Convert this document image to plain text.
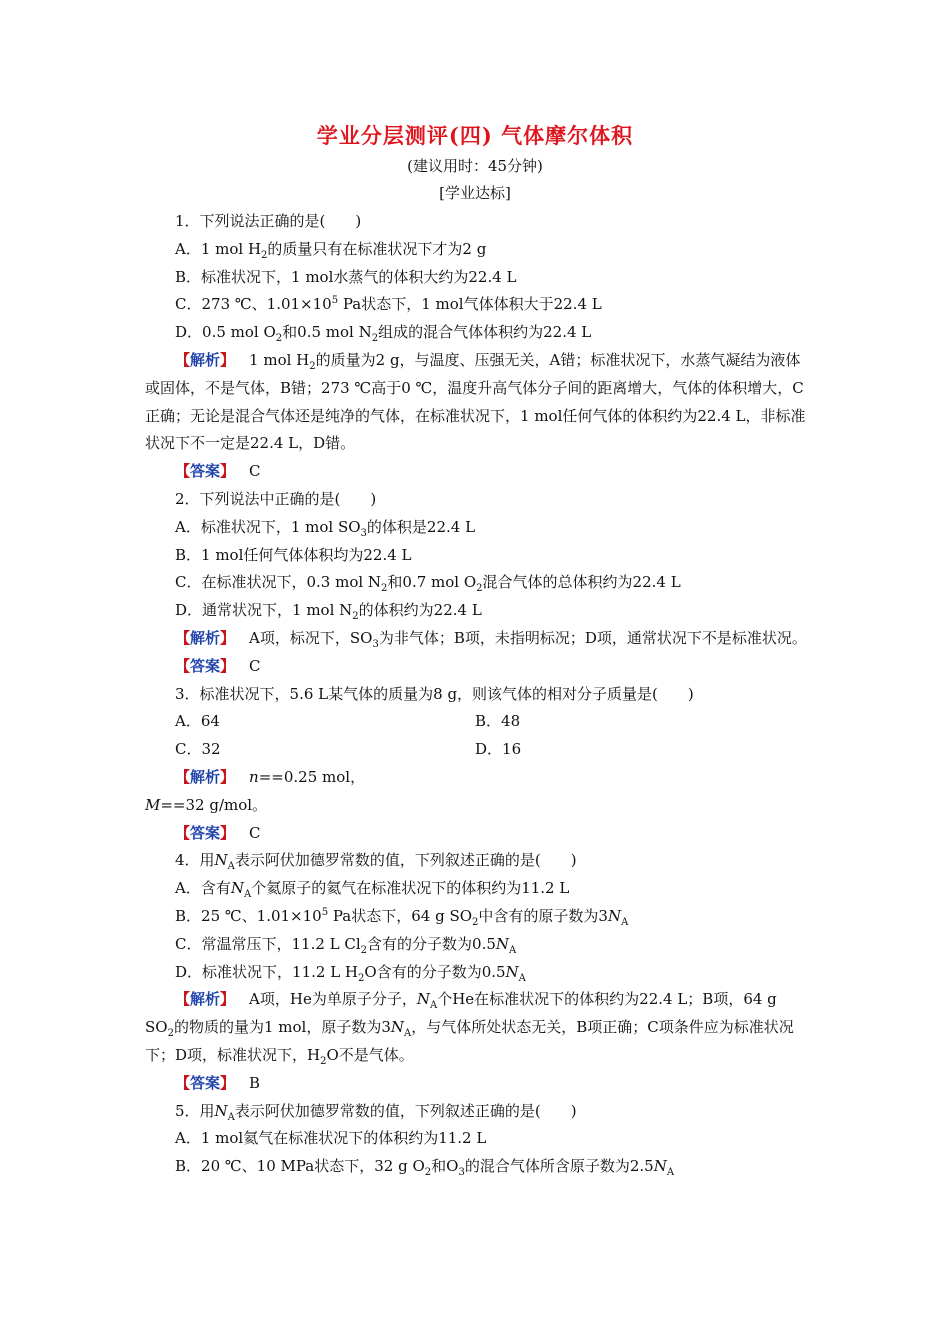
学业分层测评(四) 气体摩尔体积
(建议用时：45分钟)
[学业达标]
1．下列说法正确的是(　　)
A．1 mol $H_2$的质量只有在标准状况下才为2 g
B．标准状况下，1 mol水蒸气的体积大约为22.4 L
C．273 ℃、$1.01\times 10^5$ Pa状态下，1 mol气体体积大于22.4 L
D．0.5 mol $O_2$和0.5 mol $N_2$组成的混合气体体积约为22.4 L
【解析】 1 mol $H_2$的质量为2 g，与温度、压强无关，A错；标准状况下，水蒸气凝结为液体或固体，不是气体，B错；273 ℃高于0 ℃，温度升高气体分子间的距离增大，气体的体积增大，C正确；无论是混合气体还是纯净的气体，在标准状况下，1 mol任何气体的体积约为22.4 L，非标准状况下不一定是22.4 L，D错。
【答案】 C
2．下列说法中正确的是(　　)
A．标准状况下，1 mol $SO_3$的体积是22.4 L
B．1 mol任何气体体积均为22.4 L
C．在标准状况下，0.3 mol $N_2$和0.7 mol $O_2$混合气体的总体积约为22.4 L
D．通常状况下，1 mol $N_2$的体积约为22.4 L
【解析】 A项，标况下，$SO_3$为非气体；B项，未指明标况；D项，通常状况下不是标准状况。
【答案】 C
3．标准状况下，5.6 L某气体的质量为8 g，则该气体的相对分子质量是(　　)
A．64	B．48
C．32	D．16
【解析】 n==0.25 mol，
M==32 g/mol。
【答案】 C
4．用$N_A$表示阿伏加德罗常数的值，下列叙述正确的是(　　)
A．含有$N_A$个氦原子的氦气在标准状况下的体积约为11.2 L
B．25 ℃、$1.01\times 10^5$ Pa状态下，64 g $SO_2$中含有的原子数为$3N_A$
C．常温常压下，11.2 L $Cl_2$含有的分子数为$0.5N_A$
D．标准状况下，11.2 L $H_2O$含有的分子数为$0.5N_A$
【解析】 A项，He为单原子分子，$N_A$个He在标准状况下的体积约为22.4 L；B项，64 g $SO_2$的物质的量为1 mol，原子数为$3N_A$，与气体所处状态无关，B项正确；C项条件应为标准状况下；D项，标准状况下，$H_2O$不是气体。
【答案】 B
5．用$N_A$表示阿伏加德罗常数的值，下列叙述正确的是(　　)
A．1 mol氦气在标准状况下的体积约为11.2 L
B．20 ℃、10 MPa状态下，32 g $O_2$和$O_3$的混合气体所含原子数为$2.5N_A$
